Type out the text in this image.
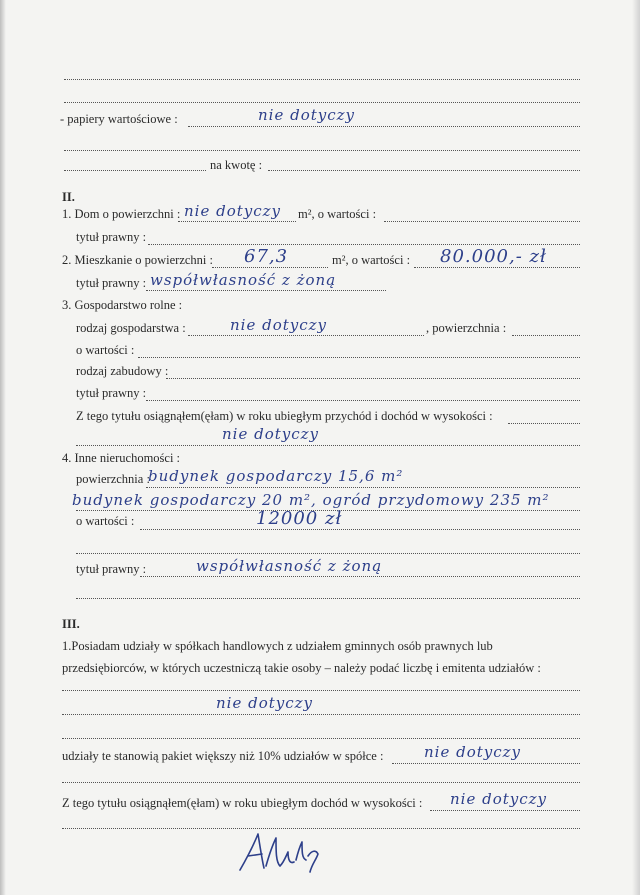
- papiery wartościowe :	nie dotyczy
na kwotę :
II.
1. Dom o powierzchni : nie dotyczy m², o wartości :
tytuł prawny :
2. Mieszkanie o powierzchni : 67,3	m², o wartości : 80.000,- zł
tytuł prawny : współwłasność z żoną
3. Gospodarstwo rolne :
rodzaj gospodarstwa :	nie dotyczy	, powierzchnia :
o wartości :
rodzaj zabudowy :
tytuł prawny :
Z tego tytułu osiągnąłem(ęłam) w roku ubiegłym przychód i dochód w wysokości :
nie dotyczy
4. Inne nieruchomości :
powierzchnia :
budynek gospodarczy 15,6 m²
budynek gospodarczy 20 m², ogród przydomowy 235 m²
o wartości :	12000 zł
tytuł prawny :	współwłasność z żoną
III.
1.Posiadam udziały w spółkach handlowych z udziałem gminnych osób prawnych lub
przedsiębiorców, w których uczestniczą takie osoby – należy podać liczbę i emitenta udziałów :
nie dotyczy
udziały te stanowią pakiet większy niż 10% udziałów w spółce :	nie dotyczy
Z tego tytułu osiągnąłem(ęłam) w roku ubiegłym dochód w wysokości : nie dotyczy
